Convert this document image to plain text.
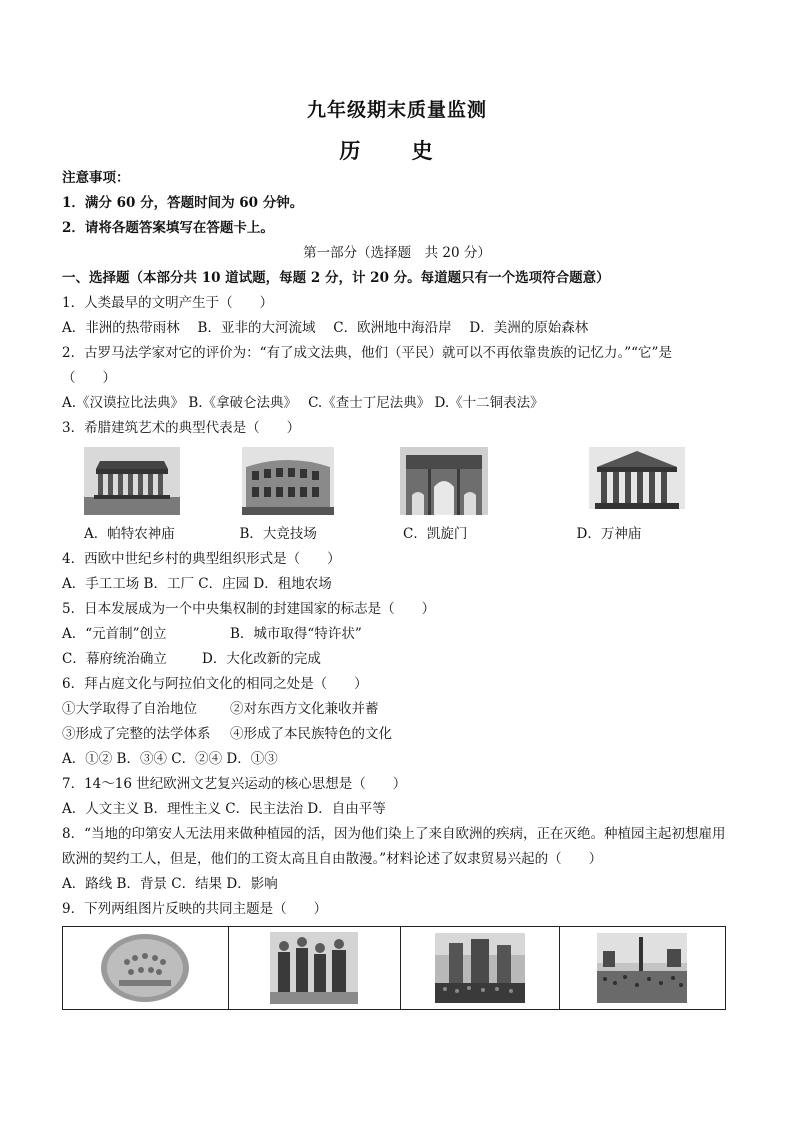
九年级期末质量监测
历 史
注意事项：
1．满分 60 分，答题时间为 60 分钟。
2．请将各题答案填写在答题卡上。
第一部分（选择题　共 20 分）
一、选择题（本部分共 10 道试题，每题 2 分，计 20 分。每道题只有一个选项符合题意）
1．人类最早的文明产生于（　　）
A．非洲的热带雨林　 B．亚非的大河流域　 C．欧洲地中海沿岸　 D．美洲的原始森林
2．古罗马法学家对它的评价为：“有了成文法典，他们（平民）就可以不再依靠贵族的记忆力。”“它”是
（　　）
A.《汉谟拉比法典》 B.《拿破仑法典》　 C.《查士丁尼法典》 D.《十二铜表法》
3．希腊建筑艺术的典型代表是（　　）
A．帕特农神庙	B．大竞技场	C．凯旋门	D．万神庙
4．西欧中世纪乡村的典型组织形式是（　　）
A．手工工场 B．工厂 C．庄园 D．租地农场
5．日本发展成为一个中央集权制的封建国家的标志是（　　）
A．“元首制”创立	B．城市取得“特许状”
C．幕府统治确立	D．大化改新的完成
6．拜占庭文化与阿拉伯文化的相同之处是（　　）
①大学取得了自治地位 ②对东西方文化兼收并蓄
③形成了完整的法学体系 ④形成了本民族特色的文化
A．①② B．③④ C．②④ D．①③
7．14～16 世纪欧洲文艺复兴运动的核心思想是（　　）
A．人文主义 B．理性主义 C．民主法治 D．自由平等
8．“当地的印第安人无法用来做种植园的活，因为他们染上了来自欧洲的疾病，正在灭绝。种植园主起初想雇用欧洲的契约工人，但是，他们的工资太高且自由散漫。”材料论述了奴隶贸易兴起的（　　）
A．路线 B．背景 C．结果 D．影响
9．下列两组图片反映的共同主题是（　　）
